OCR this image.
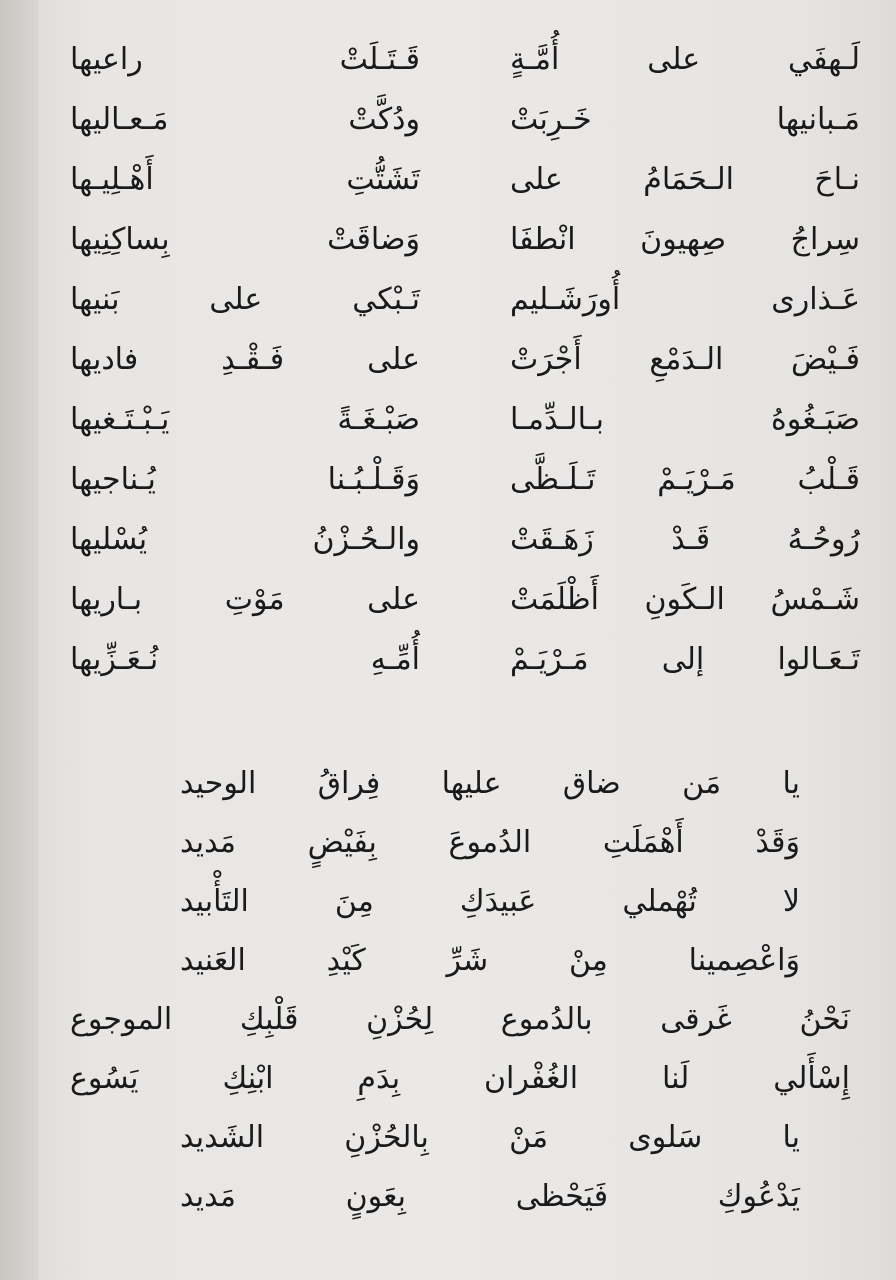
لَـهفَي على أُمَّـةٍ
قَـتَـلَتْ راعيها
مَـبانيها خَـرِبَتْ
ودُكَّتْ مَـعـاليها
نـاحَ الـحَمَامُ على
تَشَتُّتِ أَهْـلِيـها
سِراجُ صِهيونَ انْطفَا
وَضاقَتْ بِساكِنِيها
عَـذارى أُورَشَـليم
تَـبْكي على بَنيها
فَـيْضَ الـدَمْعِ أَجْرَتْ
على فَـقْـدِ فاديها
صَبَـغُوهُ بـالـدِّمـا
صَبْـغَـةً يَـبْـتَـغيها
قَـلْبُ مَـرْيَـمْ تَـلَـظَّى
وَقَـلْـبُـنا يُـناجيها
رُوحُـهُ قَـدْ زَهَـقَتْ
والـحُـزْنُ يُسْليها
شَـمْسُ الـكَونِ أَظْلَمَتْ
على مَوْتِ بـاريها
تَـعَـالوا إلى مَـرْيَـمْ
أُمِّـهِ نُـعَـزِّيها
يا مَن ضاق عليها فِراقُ الوحيد
وَقَدْ أَهْمَلَتِ الدُموعَ بِفَيْضٍ مَديد
لا تُهْملي عَبيدَكِ مِنَ التَأْبيد
وَاعْصِمينا مِنْ شَرِّ كَيْدِ العَنيد
نَحْنُ غَرقى بالدُموع لِحُزْنِ قَلْبِكِ الموجوع
إِسْأَلي لَنا الغُفْران بِدَمِ ابْنِكِ يَسُوع
يا سَلوى مَنْ بِالحُزْنِ الشَديد
يَدْعُوكِ فَيَحْظى بِعَونٍ مَديد
